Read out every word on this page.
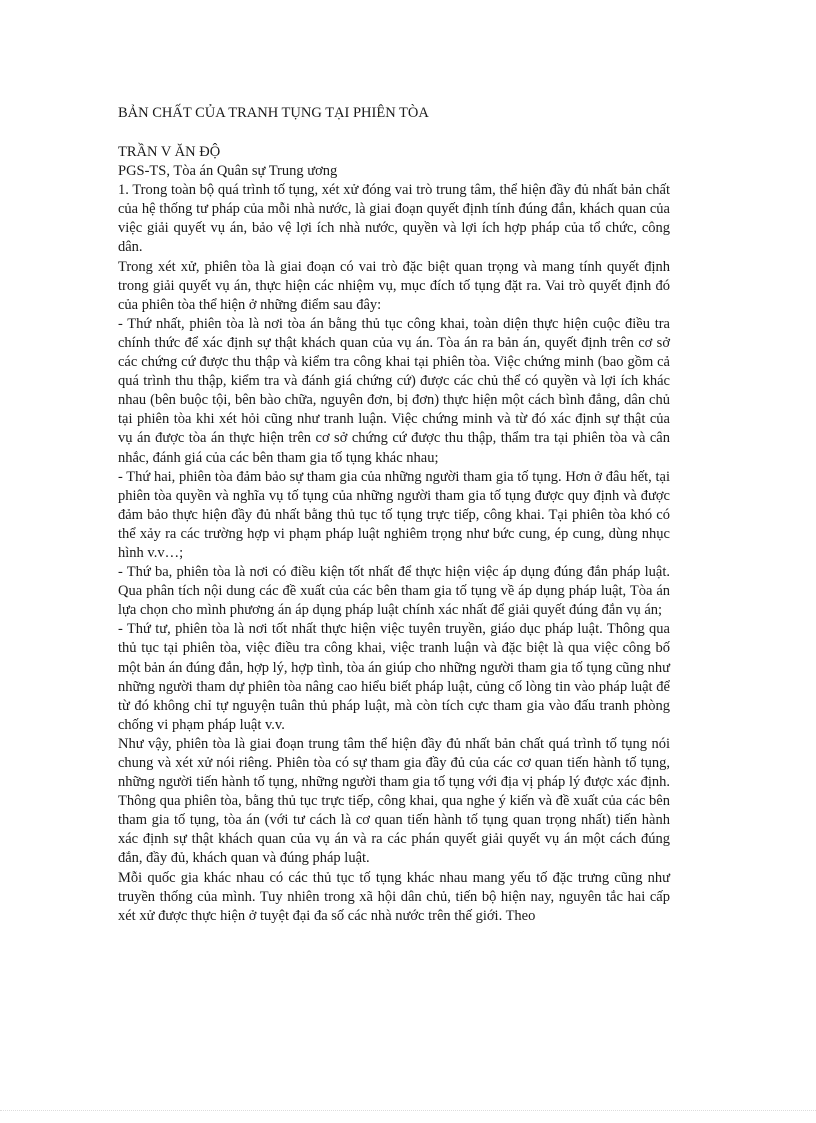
BẢN CHẤT CỦA TRANH TỤNG TẠI PHIÊN TÒA

TRẦN V ĂN ĐỘ

PGS-TS, Tòa án Quân sự Trung ương

1. Trong toàn bộ quá trình tố tụng, xét xử đóng vai trò trung tâm, thể hiện đầy đủ nhất bản chất của hệ thống tư pháp của mỗi nhà nước, là giai đoạn quyết định tính đúng đắn, khách quan của việc giải quyết vụ án, bảo vệ lợi ích nhà nước, quyền và lợi ích hợp pháp của tổ chức, công dân.

Trong xét xử, phiên tòa là giai đoạn có vai trò đặc biệt quan trọng và mang tính quyết định trong giải quyết vụ án, thực hiện các nhiệm vụ, mục đích tố tụng đặt ra. Vai trò quyết định đó của phiên tòa thể hiện ở những điểm sau đây:

- Thứ nhất, phiên tòa là nơi tòa án bằng thủ tục công khai, toàn diện thực hiện cuộc điều tra chính thức để xác định sự thật khách quan của vụ án. Tòa án ra bản án, quyết định trên cơ sở các chứng cứ được thu thập và kiểm tra công khai tại phiên tòa. Việc chứng minh (bao gồm cả quá trình thu thập, kiểm tra và đánh giá chứng cứ) được các chủ thể có quyền và lợi ích khác nhau (bên buộc tội, bên bào chữa, nguyên đơn, bị đơn) thực hiện một cách bình đẳng, dân chủ tại phiên tòa khi xét hỏi cũng như tranh luận. Việc chứng minh và từ đó xác định sự thật của vụ án được tòa án thực hiện trên cơ sở chứng cứ được thu thập, thẩm tra tại phiên tòa và cân nhắc, đánh giá của các bên tham gia tố tụng khác nhau;

- Thứ hai, phiên tòa đảm bảo sự tham gia của những người tham gia tố tụng. Hơn ở đâu hết, tại phiên tòa quyền và nghĩa vụ tố tụng của những người tham gia tố tụng được quy định và được đảm bảo thực hiện đầy đủ nhất bằng thủ tục tố tụng trực tiếp, công khai. Tại phiên tòa khó có thể xảy ra các trường hợp vi phạm pháp luật nghiêm trọng như bức cung, ép cung, dùng nhục hình v.v…;

- Thứ ba, phiên tòa là nơi có điều kiện tốt nhất để thực hiện việc áp dụng đúng đắn pháp luật. Qua phân tích nội dung các đề xuất của các bên tham gia tố tụng về áp dụng pháp luật, Tòa án lựa chọn cho mình phương án áp dụng pháp luật chính xác nhất để giải quyết đúng đắn vụ án;

- Thứ tư, phiên tòa là nơi tốt nhất thực hiện việc tuyên truyền, giáo dục pháp luật. Thông qua thủ tục tại phiên tòa, việc điều tra công khai, việc tranh luận và đặc biệt là qua việc công bố một bản án đúng đắn, hợp lý, hợp tình, tòa án giúp cho những người tham gia tố tụng cũng như những người tham dự phiên tòa nâng cao hiểu biết pháp luật, củng cố lòng tin vào pháp luật để từ đó không chỉ tự nguyện tuân thủ pháp luật, mà còn tích cực tham gia vào đấu tranh phòng chống vi phạm pháp luật v.v.

Như vậy, phiên tòa là giai đoạn trung tâm thể hiện đầy đủ nhất bản chất quá trình tố tụng nói chung và xét xử nói riêng. Phiên tòa có sự tham gia đầy đủ của các cơ quan tiến hành tố tụng, những người tiến hành tố tụng, những người tham gia tố tụng với địa vị pháp lý được xác định. Thông qua phiên tòa, bằng thủ tục trực tiếp, công khai, qua nghe ý kiến và đề xuất của các bên tham gia tố tụng, tòa án (với tư cách là cơ quan tiến hành tố tụng quan trọng nhất) tiến hành xác định sự thật khách quan của vụ án và ra các phán quyết giải quyết vụ án một cách đúng đắn, đầy đủ, khách quan và đúng pháp luật.

Mỗi quốc gia khác nhau có các thủ tục tố tụng khác nhau mang yếu tố đặc trưng cũng như truyền thống của mình. Tuy nhiên trong xã hội dân chủ, tiến bộ hiện nay, nguyên tắc hai cấp xét xử được thực hiện ở tuyệt đại đa số các nhà nước trên thế giới. Theo
